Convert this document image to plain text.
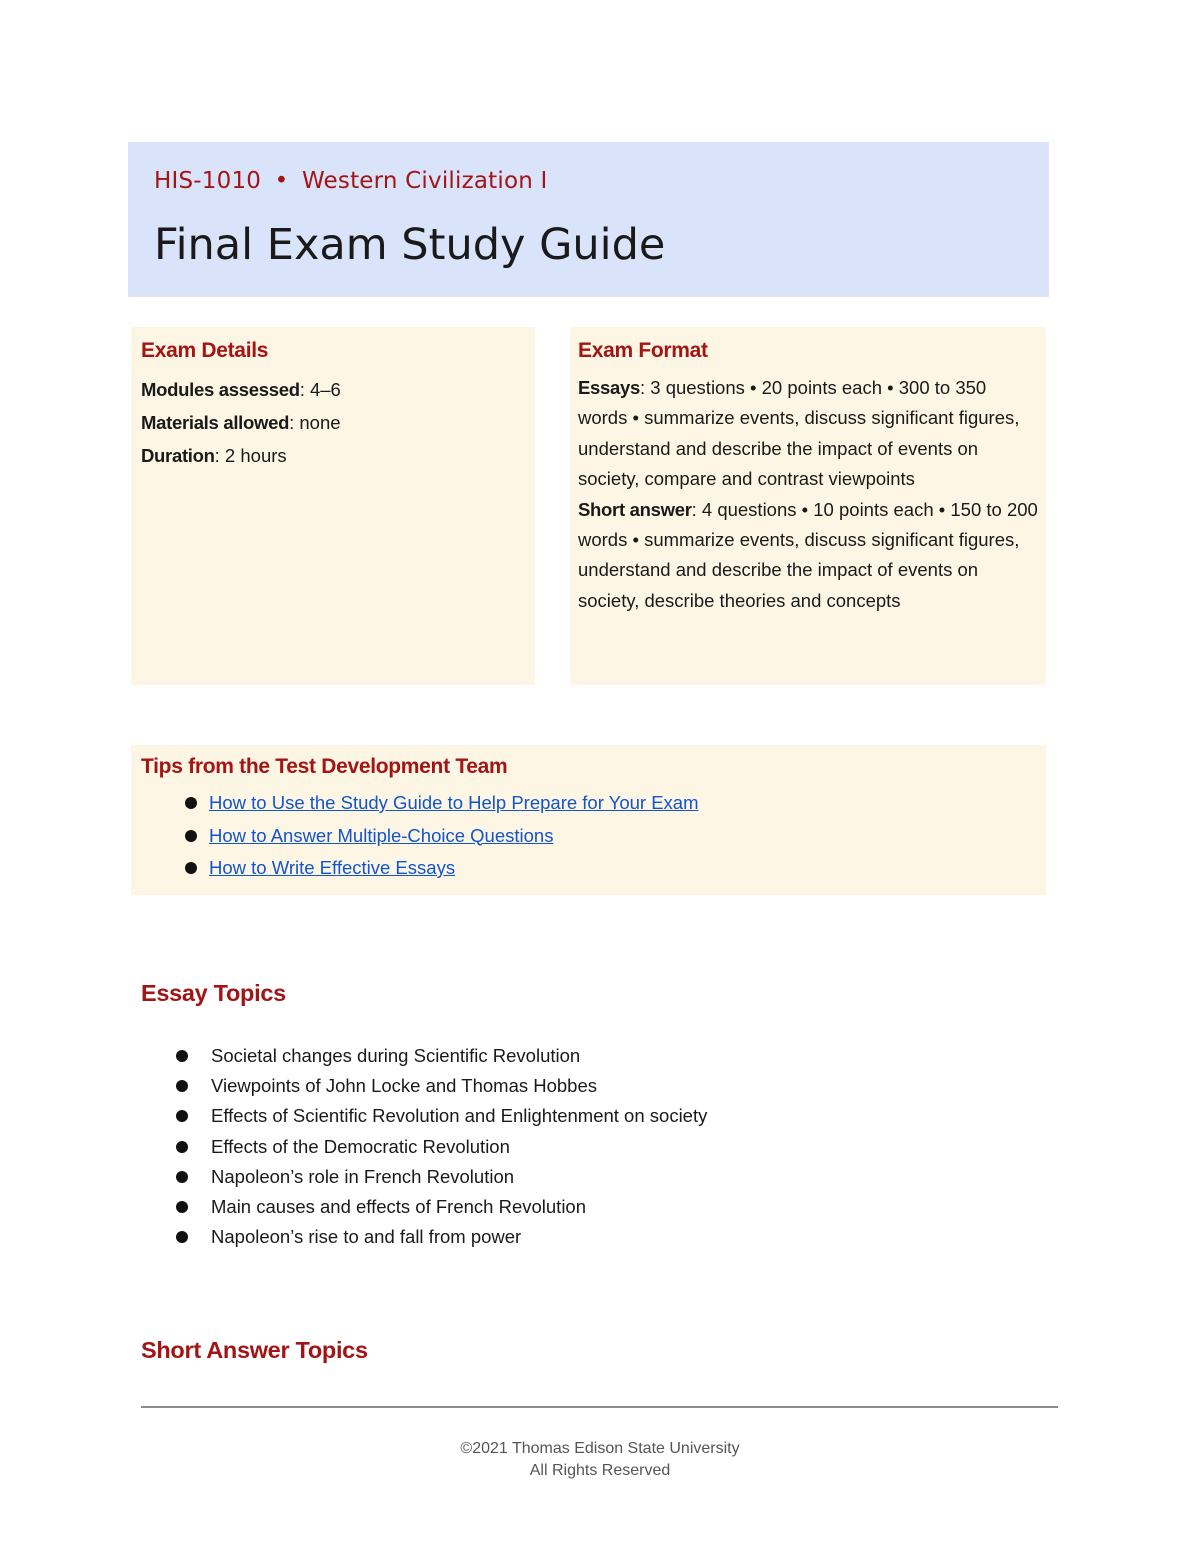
HIS-1010 • Western Civilization I
Final Exam Study Guide
Exam Details
Modules assessed: 4–6
Materials allowed: none
Duration: 2 hours
Exam Format
Essays: 3 questions • 20 points each • 300 to 350 words • summarize events, discuss significant figures, understand and describe the impact of events on society, compare and contrast viewpoints
Short answer: 4 questions • 10 points each • 150 to 200 words • summarize events, discuss significant figures, understand and describe the impact of events on society, describe theories and concepts
Tips from the Test Development Team
How to Use the Study Guide to Help Prepare for Your Exam
How to Answer Multiple-Choice Questions
How to Write Effective Essays
Essay Topics
Societal changes during Scientific Revolution
Viewpoints of John Locke and Thomas Hobbes
Effects of Scientific Revolution and Enlightenment on society
Effects of the Democratic Revolution
Napoleon’s role in French Revolution
Main causes and effects of French Revolution
Napoleon’s rise to and fall from power
Short Answer Topics
©2021 Thomas Edison State University
All Rights Reserved
